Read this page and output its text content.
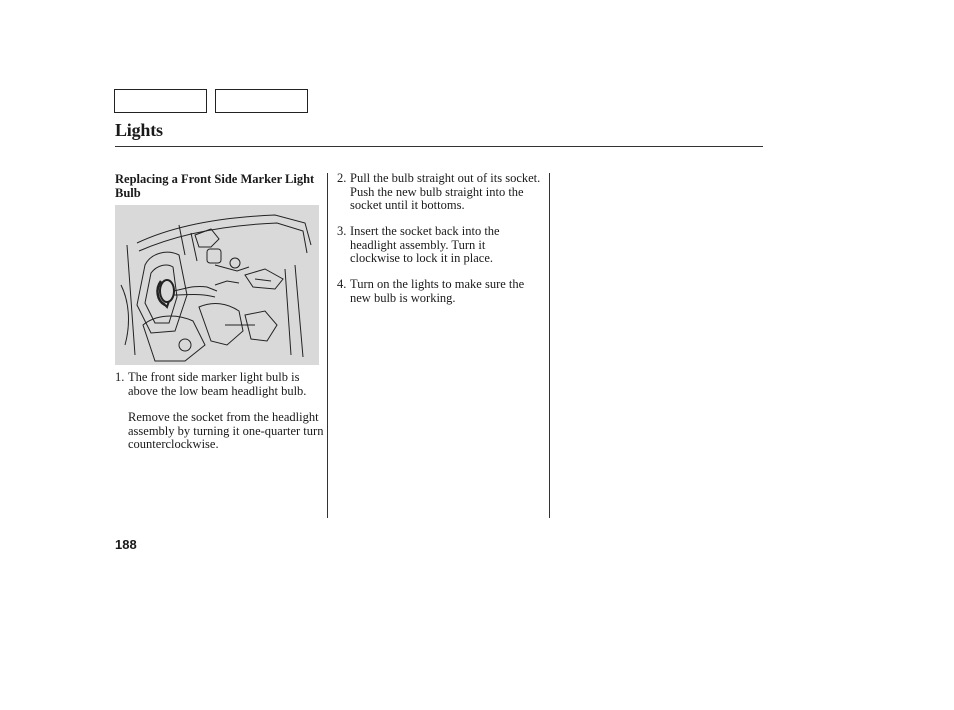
Lights
Replacing a Front Side Marker Light Bulb
1. The front side marker light bulb is above the low beam headlight bulb.
Remove the socket from the headlight assembly by turning it one-quarter turn counterclockwise.
2. Pull the bulb straight out of its socket. Push the new bulb straight into the socket until it bottoms.
3. Insert the socket back into the headlight assembly. Turn it clockwise to lock it in place.
4. Turn on the lights to make sure the new bulb is working.
188
